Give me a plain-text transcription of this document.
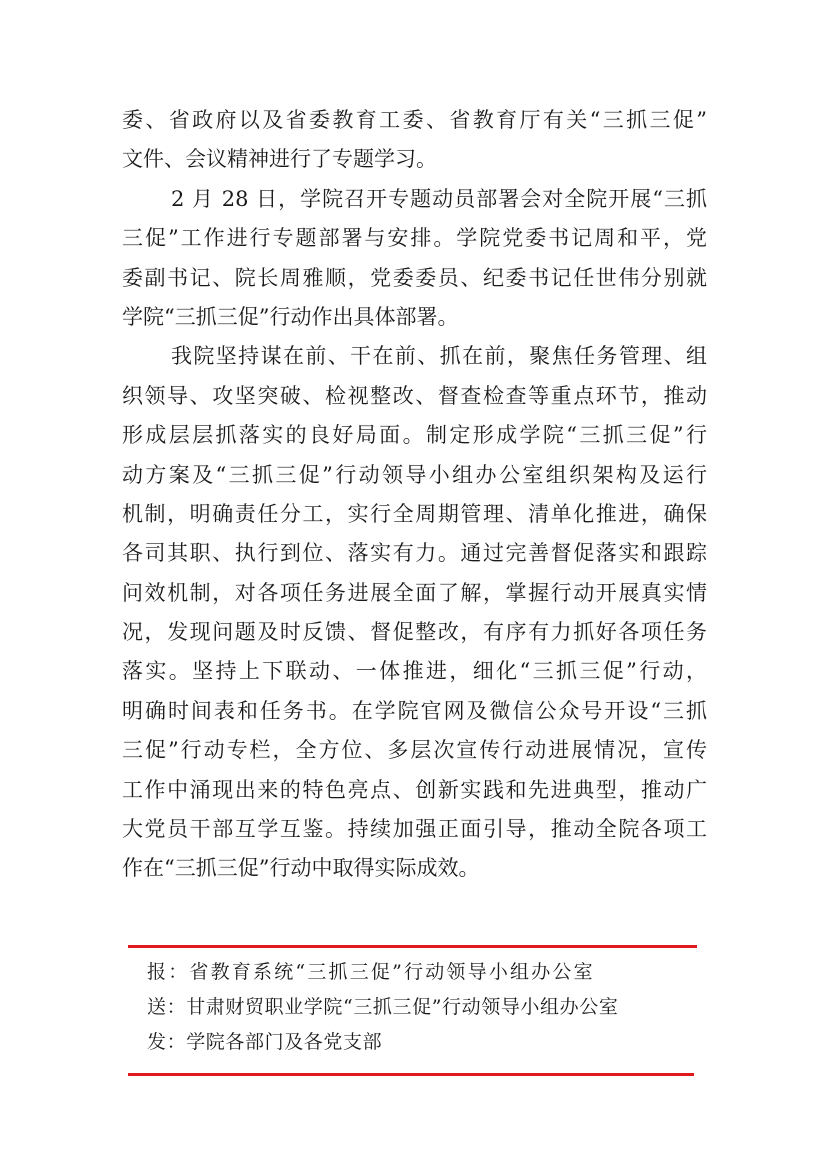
委、省政府以及省委教育工委、省教育厅有关“三抓三促”
文件、会议精神进行了专题学习。
2 月 28 日，学院召开专题动员部署会对全院开展“三抓
三促”工作进行专题部署与安排。学院党委书记周和平，党
委副书记、院长周雅顺，党委委员、纪委书记任世伟分别就
学院“三抓三促”行动作出具体部署。
我院坚持谋在前、干在前、抓在前，聚焦任务管理、组
织领导、攻坚突破、检视整改、督查检查等重点环节，推动
形成层层抓落实的良好局面。制定形成学院“三抓三促”行
动方案及“三抓三促”行动领导小组办公室组织架构及运行
机制，明确责任分工，实行全周期管理、清单化推进，确保
各司其职、执行到位、落实有力。通过完善督促落实和跟踪
问效机制，对各项任务进展全面了解，掌握行动开展真实情
况，发现问题及时反馈、督促整改，有序有力抓好各项任务
落实。坚持上下联动、一体推进，细化“三抓三促”行动，
明确时间表和任务书。在学院官网及微信公众号开设“三抓
三促”行动专栏，全方位、多层次宣传行动进展情况，宣传
工作中涌现出来的特色亮点、创新实践和先进典型，推动广
大党员干部互学互鉴。持续加强正面引导，推动全院各项工
作在“三抓三促”行动中取得实际成效。
报：省教育系统“三抓三促”行动领导小组办公室
送：甘肃财贸职业学院“三抓三促”行动领导小组办公室
发：学院各部门及各党支部
